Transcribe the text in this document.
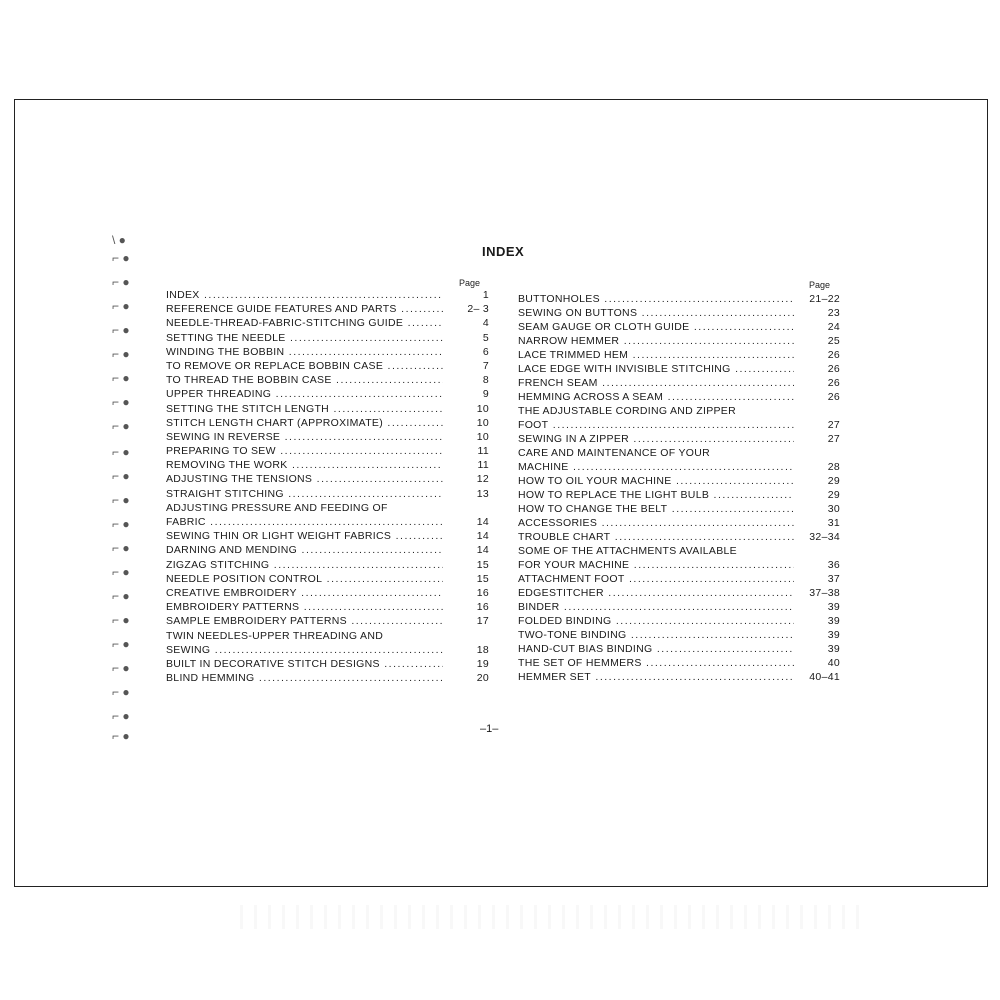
\ ●
⌐ ●
⌐ ●
⌐ ●
⌐ ●
⌐ ●
⌐ ●
⌐ ●
⌐ ●
⌐ ●
⌐ ●
⌐ ●
⌐ ●
⌐ ●
⌐ ●
⌐ ●
⌐ ●
⌐ ●
⌐ ●
⌐ ●
⌐ ●
⌐ ●
INDEX
Page	Page
INDEX .....	1
REFERENCE GUIDE FEATURES AND PARTS .....	2– 3
NEEDLE-THREAD-FABRIC-STITCHING GUIDE .....	4
SETTING THE NEEDLE .....	5
WINDING THE BOBBIN .....	6
TO REMOVE OR REPLACE BOBBIN CASE .....	7
TO THREAD THE BOBBIN CASE .....	8
UPPER THREADING .....	9
SETTING THE STITCH LENGTH .....	10
STITCH LENGTH CHART (APPROXIMATE) .....	10
SEWING IN REVERSE .....	10
PREPARING TO SEW .....	11
REMOVING THE WORK .....	11
ADJUSTING THE TENSIONS .....	12
STRAIGHT STITCHING .....	13
ADJUSTING PRESSURE AND FEEDING OF
FABRIC .....	14
SEWING THIN OR LIGHT WEIGHT FABRICS .....	14
DARNING AND MENDING .....	14
ZIGZAG STITCHING .....	15
NEEDLE POSITION CONTROL .....	15
CREATIVE EMBROIDERY .....	16
EMBROIDERY PATTERNS .....	16
SAMPLE EMBROIDERY PATTERNS .....	17
TWIN NEEDLES-UPPER THREADING AND
SEWING .....	18
BUILT IN DECORATIVE STITCH DESIGNS .....	19
BLIND HEMMING .....	20
BUTTONHOLES .....	21–22
SEWING ON BUTTONS .....	23
SEAM GAUGE OR CLOTH GUIDE .....	24
NARROW HEMMER .....	25
LACE TRIMMED HEM .....	26
LACE EDGE WITH INVISIBLE STITCHING .....	26
FRENCH SEAM .....	26
HEMMING ACROSS A SEAM .....	26
THE ADJUSTABLE CORDING AND ZIPPER
FOOT .....	27
SEWING IN A ZIPPER .....	27
CARE AND MAINTENANCE OF YOUR
MACHINE .....	28
HOW TO OIL YOUR MACHINE .....	29
HOW TO REPLACE THE LIGHT BULB .....	29
HOW TO CHANGE THE BELT .....	30
ACCESSORIES .....	31
TROUBLE CHART .....	32–34
SOME OF THE ATTACHMENTS AVAILABLE
FOR YOUR MACHINE .....	36
ATTACHMENT FOOT .....	37
EDGESTITCHER .....	37–38
BINDER .....	39
FOLDED BINDING .....	39
TWO-TONE BINDING .....	39
HAND-CUT BIAS BINDING .....	39
THE SET OF HEMMERS .....	40
HEMMER SET .....	40–41
–1–
